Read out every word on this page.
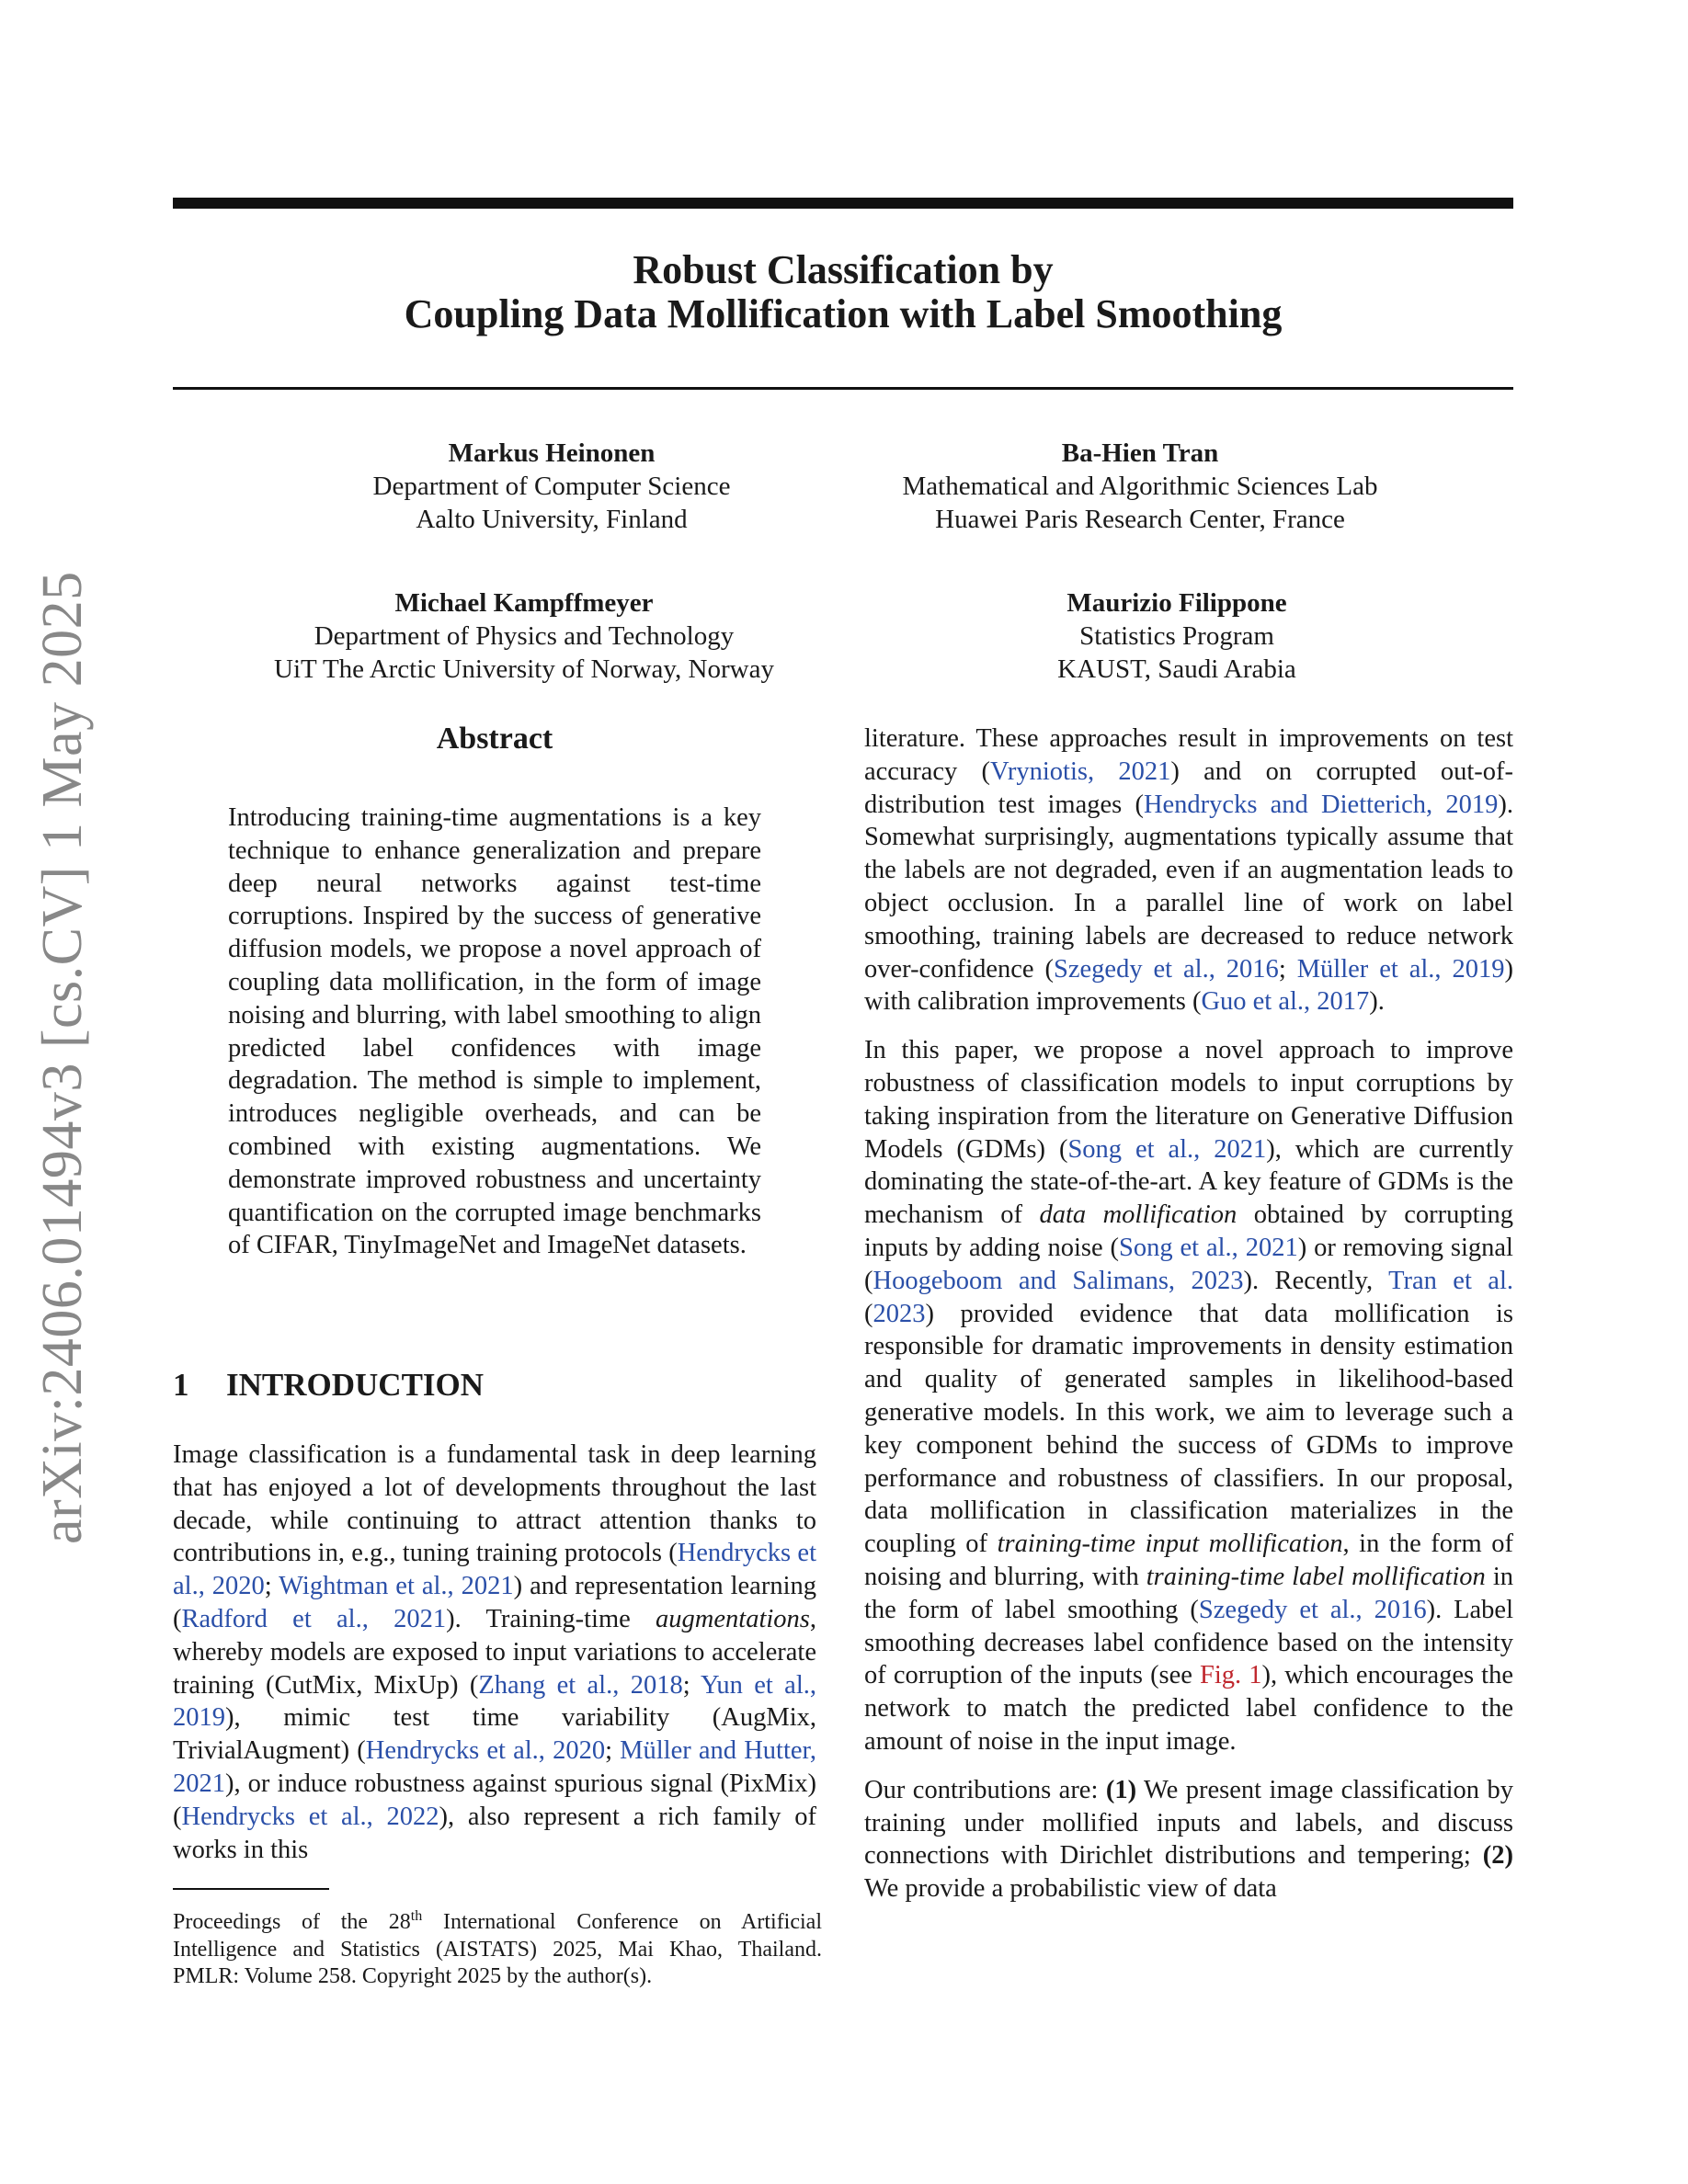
arXiv:2406.01494v3 [cs.CV] 1 May 2025
Robust Classification by
Coupling Data Mollification with Label Smoothing
Markus Heinonen
Department of Computer Science
Aalto University, Finland
Ba-Hien Tran
Mathematical and Algorithmic Sciences Lab
Huawei Paris Research Center, France
Michael Kampffmeyer
Department of Physics and Technology
UiT The Arctic University of Norway, Norway
Maurizio Filippone
Statistics Program
KAUST, Saudi Arabia
Abstract

Introducing training-time augmentations is a key technique to enhance generalization and prepare deep neural networks against test-time corruptions. Inspired by the success of generative diffusion models, we propose a novel approach of coupling data mollification, in the form of image noising and blurring, with label smoothing to align predicted label confidences with image degradation. The method is simple to implement, introduces negligible overheads, and can be combined with existing augmentations. We demonstrate improved robustness and uncertainty quantification on the corrupted image benchmarks of CIFAR, TinyImageNet and ImageNet datasets.

1 INTRODUCTION

Image classification is a fundamental task in deep learning that has enjoyed a lot of developments throughout the last decade, while continuing to attract attention thanks to contributions in, e.g., tuning training protocols (Hendrycks et al., 2020; Wightman et al., 2021) and representation learning (Radford et al., 2021). Training-time augmentations, whereby models are exposed to input variations to accelerate training (CutMix, MixUp) (Zhang et al., 2018; Yun et al., 2019), mimic test time variability (AugMix, TrivialAugment) (Hendrycks et al., 2020; Müller and Hutter, 2021), or induce robustness against spurious signal (PixMix) (Hendrycks et al., 2022), also represent a rich family of works in this

Proceedings of the 28th International Conference on Artificial Intelligence and Statistics (AISTATS) 2025, Mai Khao, Thailand. PMLR: Volume 258. Copyright 2025 by the author(s).

literature. These approaches result in improvements on test accuracy (Vryniotis, 2021) and on corrupted out-of-distribution test images (Hendrycks and Dietterich, 2019). Somewhat surprisingly, augmentations typically assume that the labels are not degraded, even if an augmentation leads to object occlusion. In a parallel line of work on label smoothing, training labels are decreased to reduce network over-confidence (Szegedy et al., 2016; Müller et al., 2019) with calibration improvements (Guo et al., 2017).

In this paper, we propose a novel approach to improve robustness of classification models to input corruptions by taking inspiration from the literature on Generative Diffusion Models (GDMs) (Song et al., 2021), which are currently dominating the state-of-the-art. A key feature of GDMs is the mechanism of data mollification obtained by corrupting inputs by adding noise (Song et al., 2021) or removing signal (Hoogeboom and Salimans, 2023). Recently, Tran et al. (2023) provided evidence that data mollification is responsible for dramatic improvements in density estimation and quality of generated samples in likelihood-based generative models. In this work, we aim to leverage such a key component behind the success of GDMs to improve performance and robustness of classifiers. In our proposal, data mollification in classification materializes in the coupling of training-time input mollification, in the form of noising and blurring, with training-time label mollification in the form of label smoothing (Szegedy et al., 2016). Label smoothing decreases label confidence based on the intensity of corruption of the inputs (see Fig. 1), which encourages the network to match the predicted label confidence to the amount of noise in the input image.

Our contributions are: (1) We present image classification by training under mollified inputs and labels, and discuss connections with Dirichlet distributions and tempering; (2) We provide a probabilistic view of data
